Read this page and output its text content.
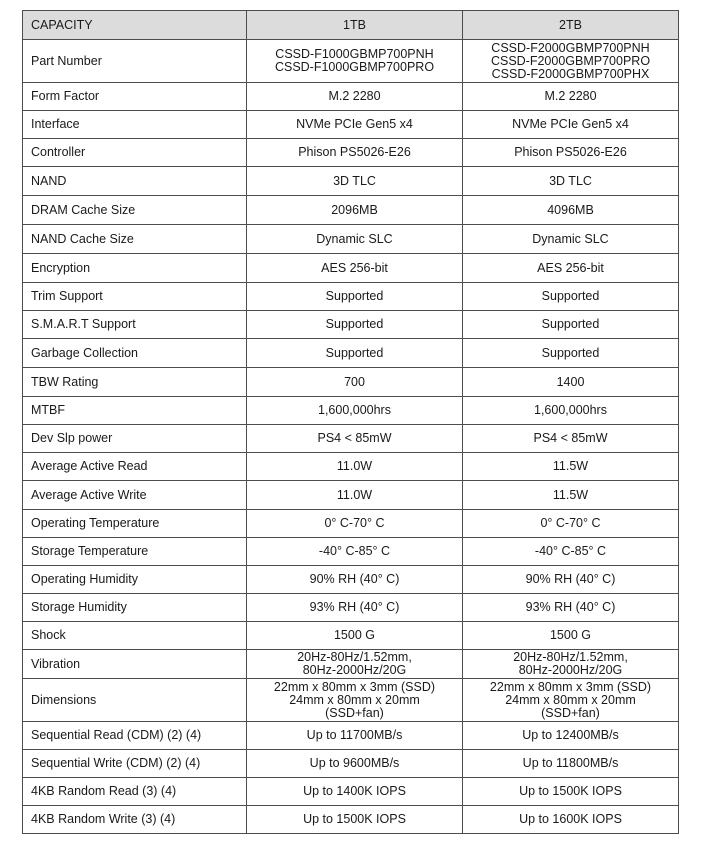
CAPACITY	1TB	2TB
Part Number	CSSD-F1000GBMP700PNH
CSSD-F1000GBMP700PRO	CSSD-F2000GBMP700PNH
CSSD-F2000GBMP700PRO
CSSD-F2000GBMP700PHX

Form Factor	M.2 2280	M.2 2280

Interface	NVMe PCIe Gen5 x4	NVMe PCIe Gen5 x4

Controller	Phison PS5026-E26	Phison PS5026-E26

NAND	3D TLC	3D TLC

DRAM Cache Size	2096MB	4096MB

NAND Cache Size	Dynamic SLC	Dynamic SLC

Encryption	AES 256-bit	AES 256-bit

Trim Support	Supported	Supported

S.M.A.R.T Support	Supported	Supported

Garbage Collection	Supported	Supported

TBW Rating	700	1400

MTBF	1,600,000hrs	1,600,000hrs

Dev Slp power	PS4 < 85mW	PS4 < 85mW

Average Active Read	11.0W	11.5W

Average Active Write	11.0W	11.5W

Operating Temperature	0° C-70° C	0° C-70° C

Storage Temperature	-40° C-85° C	-40° C-85° C

Operating Humidity	90% RH (40° C)	90% RH (40° C)

Storage Humidity	93% RH (40° C)	93% RH (40° C)

Shock	1500 G	1500 G

Vibration	20Hz-80Hz/1.52mm,
80Hz-2000Hz/20G	20Hz-80Hz/1.52mm,
80Hz-2000Hz/20G

Dimensions	22mm x 80mm x 3mm (SSD)
24mm x 80mm x 20mm
(SSD+fan)	22mm x 80mm x 3mm (SSD)
24mm x 80mm x 20mm
(SSD+fan)

Sequential Read (CDM) (2) (4)	Up to 11700MB/s	Up to 12400MB/s

Sequential Write (CDM) (2) (4)	Up to 9600MB/s	Up to 11800MB/s

4KB Random Read (3) (4)	Up to 1400K IOPS	Up to 1500K IOPS

4KB Random Write (3) (4)	Up to 1500K IOPS	Up to 1600K IOPS
